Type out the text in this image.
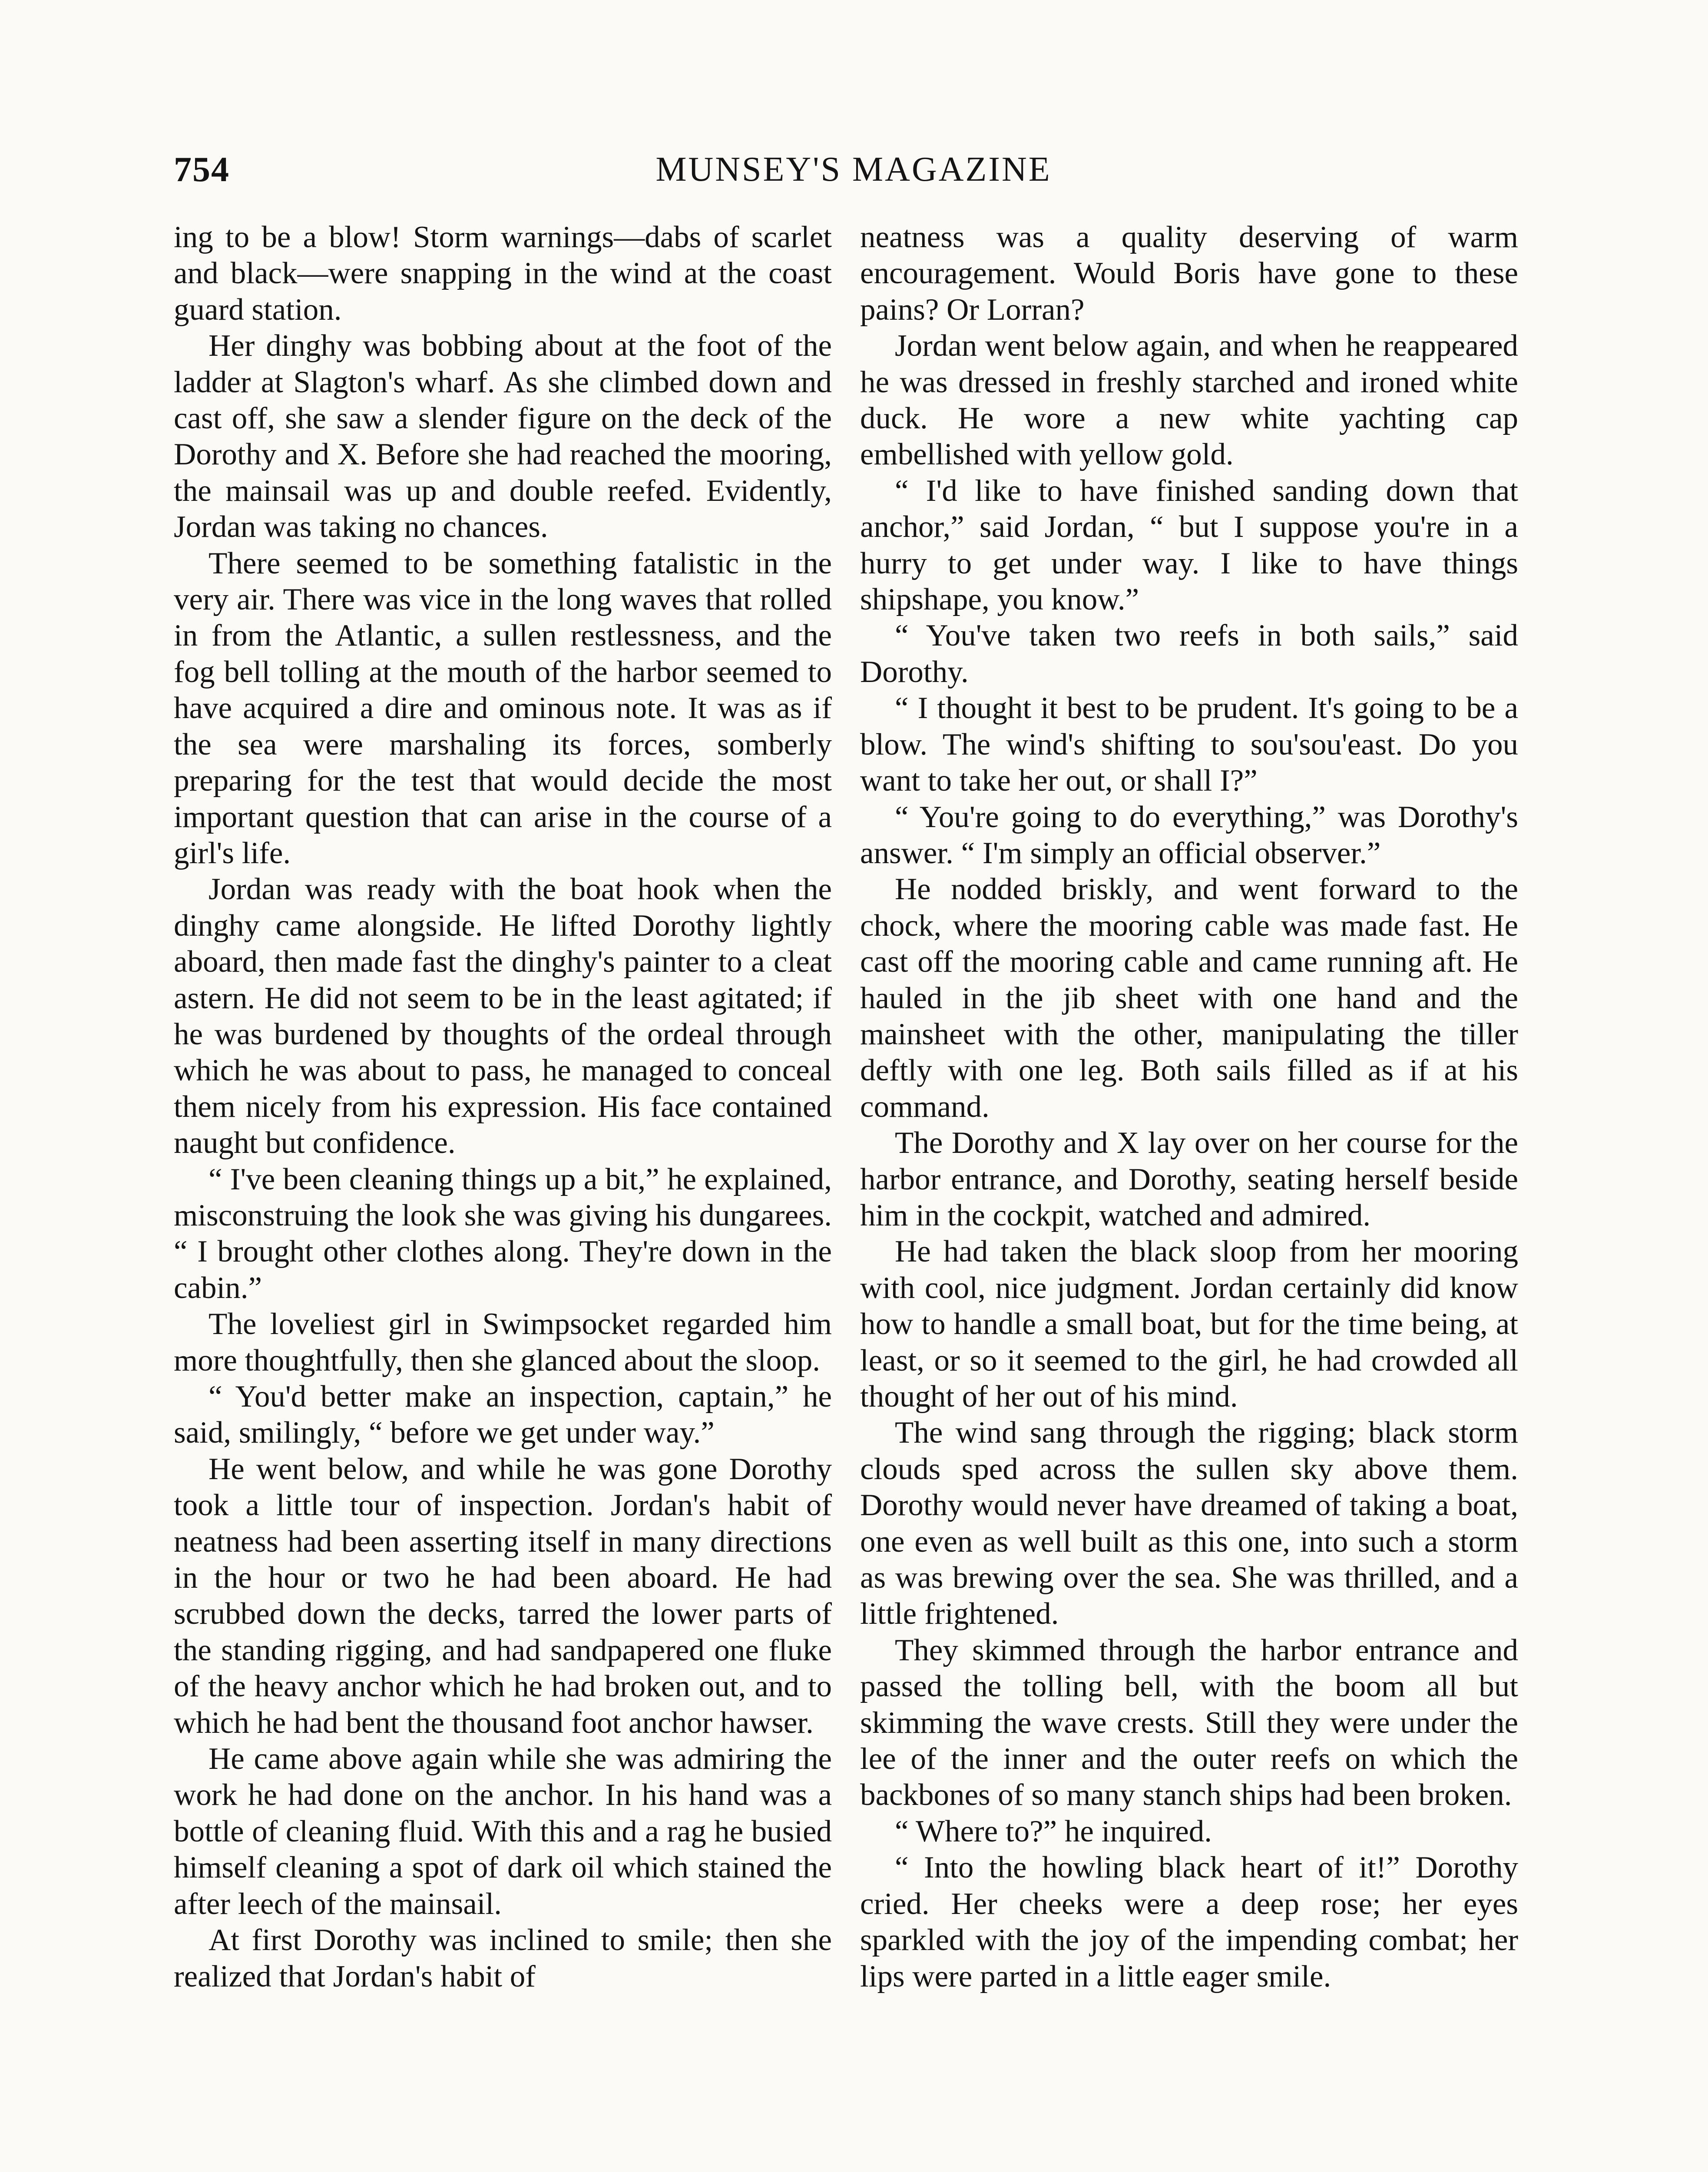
754	MUNSEY'S MAGAZINE

ing to be a blow! Storm warnings—dabs of scarlet and black—were snapping in the wind at the coast guard station.

Her dinghy was bobbing about at the foot of the ladder at Slagton's wharf. As she climbed down and cast off, she saw a slender figure on the deck of the Dorothy and X. Before she had reached the mooring, the mainsail was up and double reefed. Evidently, Jordan was taking no chances.

There seemed to be something fatalistic in the very air. There was vice in the long waves that rolled in from the Atlantic, a sullen restlessness, and the fog bell tolling at the mouth of the harbor seemed to have acquired a dire and ominous note. It was as if the sea were marshaling its forces, somberly preparing for the test that would decide the most important question that can arise in the course of a girl's life.

Jordan was ready with the boat hook when the dinghy came alongside. He lifted Dorothy lightly aboard, then made fast the dinghy's painter to a cleat astern. He did not seem to be in the least agitated; if he was burdened by thoughts of the ordeal through which he was about to pass, he managed to conceal them nicely from his expression. His face contained naught but confidence.

“ I've been cleaning things up a bit,” he explained, misconstruing the look she was giving his dungarees. “ I brought other clothes along. They're down in the cabin.”

The loveliest girl in Swimpsocket regarded him more thoughtfully, then she glanced about the sloop.

“ You'd better make an inspection, captain,” he said, smilingly, “ before we get under way.”

He went below, and while he was gone Dorothy took a little tour of inspection. Jordan's habit of neatness had been asserting itself in many directions in the hour or two he had been aboard. He had scrubbed down the decks, tarred the lower parts of the standing rigging, and had sandpapered one fluke of the heavy anchor which he had broken out, and to which he had bent the thousand foot anchor hawser.

He came above again while she was admiring the work he had done on the anchor. In his hand was a bottle of cleaning fluid. With this and a rag he busied himself cleaning a spot of dark oil which stained the after leech of the mainsail.

At first Dorothy was inclined to smile; then she realized that Jordan's habit of

neatness was a quality deserving of warm encouragement. Would Boris have gone to these pains? Or Lorran?

Jordan went below again, and when he reappeared he was dressed in freshly starched and ironed white duck. He wore a new white yachting cap embellished with yellow gold.

“ I'd like to have finished sanding down that anchor,” said Jordan, “ but I suppose you're in a hurry to get under way. I like to have things shipshape, you know.”

“ You've taken two reefs in both sails,” said Dorothy.

“ I thought it best to be prudent. It's going to be a blow. The wind's shifting to sou'sou'east. Do you want to take her out, or shall I?”

“ You're going to do everything,” was Dorothy's answer. “ I'm simply an official observer.”

He nodded briskly, and went forward to the chock, where the mooring cable was made fast. He cast off the mooring cable and came running aft. He hauled in the jib sheet with one hand and the mainsheet with the other, manipulating the tiller deftly with one leg. Both sails filled as if at his command.

The Dorothy and X lay over on her course for the harbor entrance, and Dorothy, seating herself beside him in the cockpit, watched and admired.

He had taken the black sloop from her mooring with cool, nice judgment. Jordan certainly did know how to handle a small boat, but for the time being, at least, or so it seemed to the girl, he had crowded all thought of her out of his mind.

The wind sang through the rigging; black storm clouds sped across the sullen sky above them. Dorothy would never have dreamed of taking a boat, one even as well built as this one, into such a storm as was brewing over the sea. She was thrilled, and a little frightened.

They skimmed through the harbor entrance and passed the tolling bell, with the boom all but skimming the wave crests. Still they were under the lee of the inner and the outer reefs on which the backbones of so many stanch ships had been broken.

“ Where to?” he inquired.

“ Into the howling black heart of it!” Dorothy cried. Her cheeks were a deep rose; her eyes sparkled with the joy of the impending combat; her lips were parted in a little eager smile.
